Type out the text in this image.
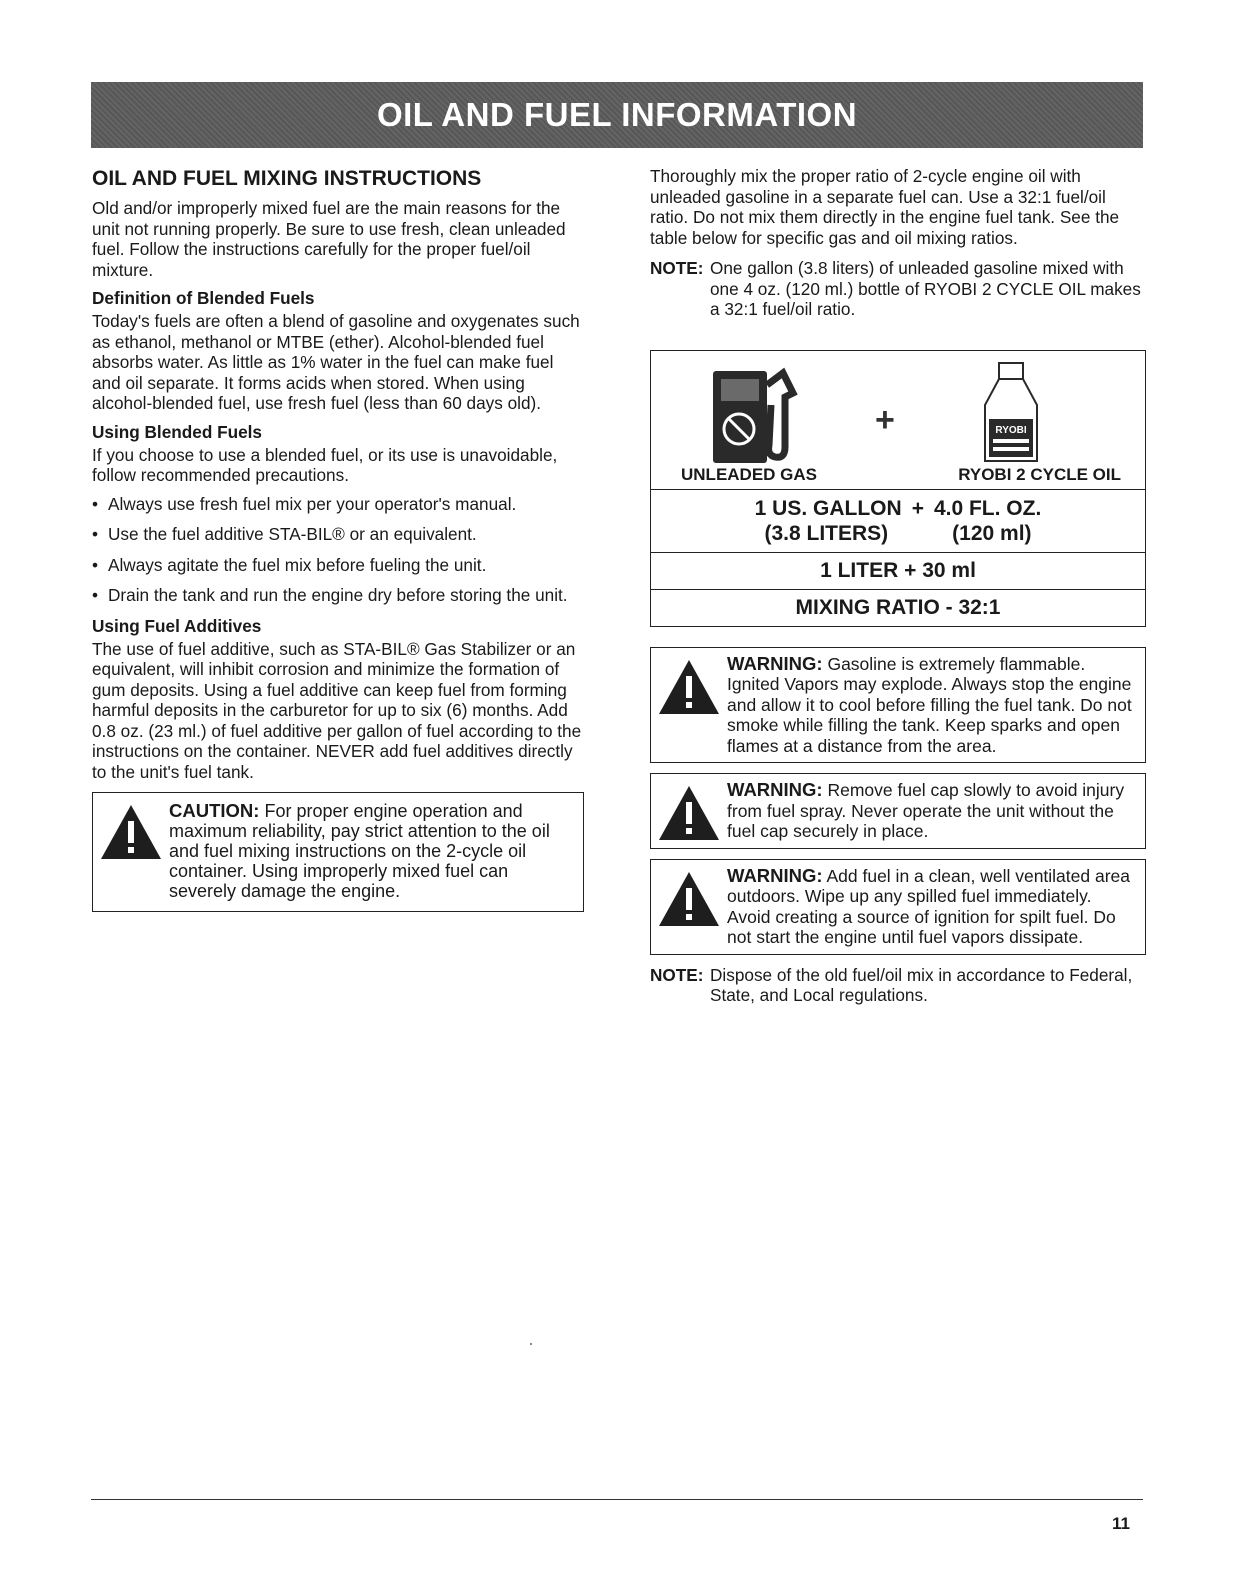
OIL AND FUEL INFORMATION
OIL AND FUEL MIXING INSTRUCTIONS

Old and/or improperly mixed fuel are the main reasons for the unit not running properly. Be sure to use fresh, clean unleaded fuel. Follow the instructions carefully for the proper fuel/oil mixture.

Definition of Blended Fuels

Today's fuels are often a blend of gasoline and oxygenates such as ethanol, methanol or MTBE (ether). Alcohol-blended fuel absorbs water. As little as 1% water in the fuel can make fuel and oil separate. It forms acids when stored. When using alcohol-blended fuel, use fresh fuel (less than 60 days old).

Using Blended Fuels

If you choose to use a blended fuel, or its use is unavoidable, follow recommended precautions.

• Always use fresh fuel mix per your operator's manual.
• Use the fuel additive STA-BIL® or an equivalent.
• Always agitate the fuel mix before fueling the unit.
• Drain the tank and run the engine dry before storing the unit.
Using Fuel Additives

The use of fuel additive, such as STA-BIL® Gas Stabilizer or an equivalent, will inhibit corrosion and minimize the formation of gum deposits. Using a fuel additive can keep fuel from forming harmful deposits in the carburetor for up to six (6) months. Add 0.8 oz. (23 ml.) of fuel additive per gallon of fuel according to the instructions on the container. NEVER add fuel additives directly to the unit's fuel tank.

CAUTION: For proper engine operation and maximum reliability, pay strict attention to the oil and fuel mixing instructions on the 2-cycle oil container. Using improperly mixed fuel can severely damage the engine.

Thoroughly mix the proper ratio of 2-cycle engine oil with unleaded gasoline in a separate fuel can. Use a 32:1 fuel/oil ratio. Do not mix them directly in the engine fuel tank. See the table below for specific gas and oil mixing ratios.

NOTE: One gallon (3.8 liters) of unleaded gasoline mixed with one 4 oz. (120 ml.) bottle of RYOBI 2 CYCLE OIL makes a 32:1 fuel/oil ratio.
+	RYOBI
UNLEADED GAS	RYOBI 2 CYCLE OIL
1 US. GALLON + 4.0 FL. OZ.
(3.8 LITERS)	(120 ml)
1 LITER + 30 ml
MIXING RATIO - 32:1
WARNING: Gasoline is extremely flammable. Ignited Vapors may explode. Always stop the engine and allow it to cool before filling the fuel tank. Do not smoke while filling the tank. Keep sparks and open flames at a distance from the area.
WARNING: Remove fuel cap slowly to avoid injury from fuel spray. Never operate the unit without the fuel cap securely in place.
WARNING: Add fuel in a clean, well ventilated area outdoors. Wipe up any spilled fuel immediately. Avoid creating a source of ignition for spilt fuel. Do not start the engine until fuel vapors dissipate.
NOTE: Dispose of the old fuel/oil mix in accordance to Federal, State, and Local regulations.
11
